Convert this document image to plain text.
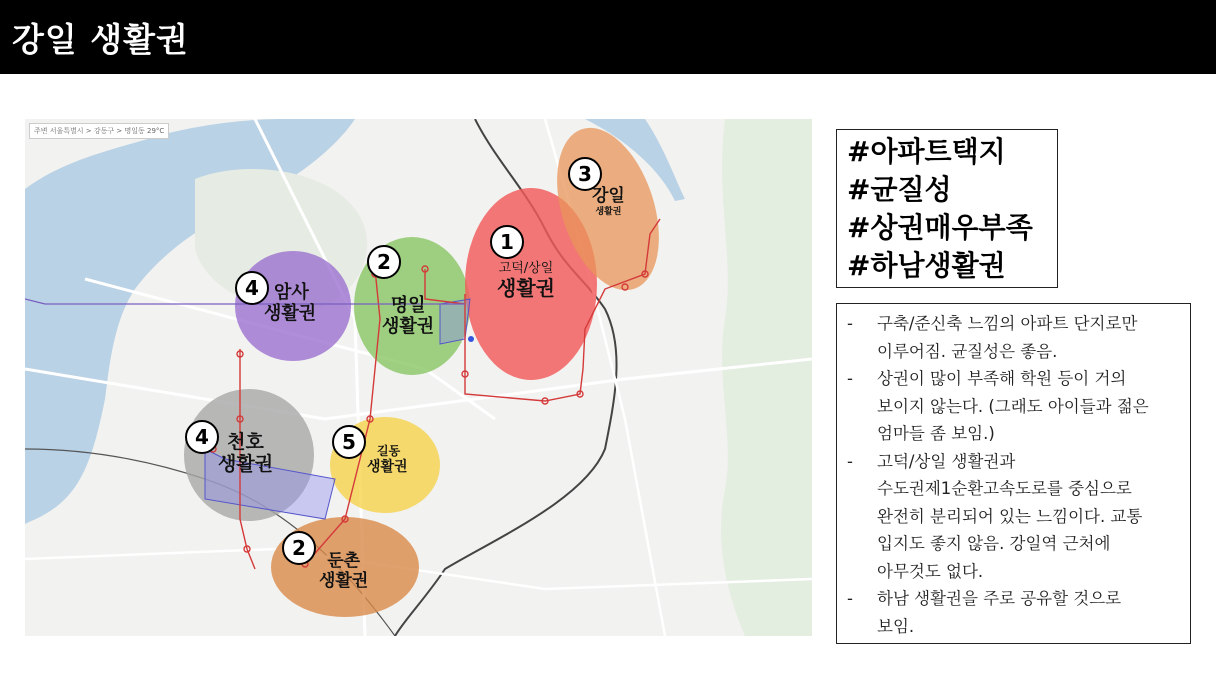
강일 생활권
주변 서울특별시 > 강동구 > 명일동 29°C
3
1
2
4
4	5
2
강일
생활권
고덕/상일
생활권
명일
생활권
암사
생활권
천호
생활권
길동
생활권
둔촌
생활권
#아파트택지
#균질성
#상권매우부족
#하남생활권
- 구축/준신축 느낌의 아파트 단지로만
이루어짐. 균질성은 좋음.
- 상권이 많이 부족해 학원 등이 거의
보이지 않는다. (그래도 아이들과 젊은
엄마들 좀 보임.)
- 고덕/상일 생활권과
수도권제1순환고속도로를 중심으로
완전히 분리되어 있는 느낌이다. 교통
입지도 좋지 않음. 강일역 근처에
아무것도 없다.
- 하남 생활권을 주로 공유할 것으로
보임.
